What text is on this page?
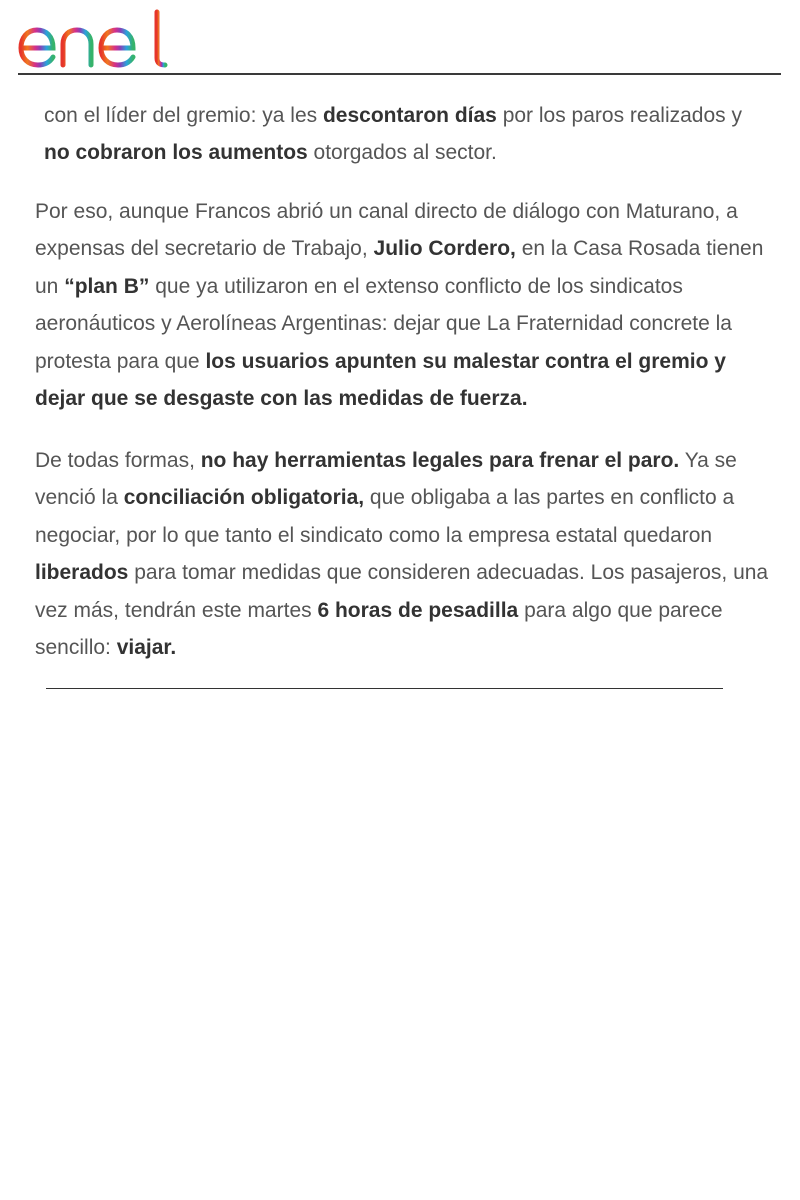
con el líder del gremio: ya les descontaron días por los paros realizados y no cobraron los aumentos otorgados al sector.

Por eso, aunque Francos abrió un canal directo de diálogo con Maturano, a expensas del secretario de Trabajo, Julio Cordero, en la Casa Rosada tienen un “plan B” que ya utilizaron en el extenso conflicto de los sindicatos aeronáuticos y Aerolíneas Argentinas: dejar que La Fraternidad concrete la protesta para que los usuarios apunten su malestar contra el gremio y dejar que se desgaste con las medidas de fuerza.

De todas formas, no hay herramientas legales para frenar el paro. Ya se venció la conciliación obligatoria, que obligaba a las partes en conflicto a negociar, por lo que tanto el sindicato como la empresa estatal quedaron liberados para tomar medidas que consideren adecuadas. Los pasajeros, una vez más, tendrán este martes 6 horas de pesadilla para algo que parece sencillo: viajar.
